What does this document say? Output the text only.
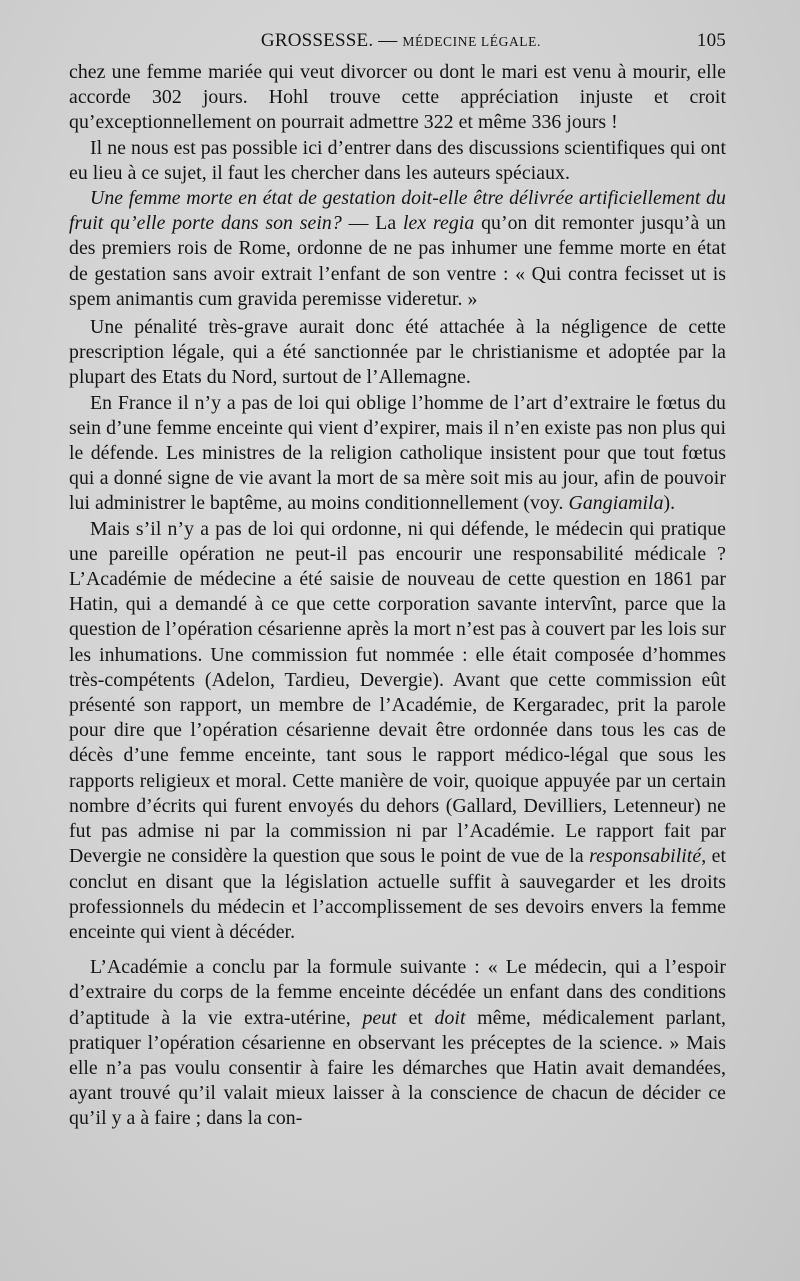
GROSSESSE. — MÉDECINE LÉGALE.	105

chez une femme mariée qui veut divorcer ou dont le mari est venu à mourir, elle accorde 302 jours. Hohl trouve cette appréciation injuste et croit qu’exceptionnellement on pourrait admettre 322 et même 336 jours !

Il ne nous est pas possible ici d’entrer dans des discussions scientifiques qui ont eu lieu à ce sujet, il faut les chercher dans les auteurs spéciaux.

Une femme morte en état de gestation doit-elle être délivrée artificiellement du fruit qu’elle porte dans son sein? — La lex regia qu’on dit remonter jusqu’à un des premiers rois de Rome, ordonne de ne pas inhumer une femme morte en état de gestation sans avoir extrait l’enfant de son ventre : « Qui contra fecisset ut is spem animantis cum gravida peremisse videretur. »

Une pénalité très-grave aurait donc été attachée à la négligence de cette prescription légale, qui a été sanctionnée par le christianisme et adoptée par la plupart des Etats du Nord, surtout de l’Allemagne.

En France il n’y a pas de loi qui oblige l’homme de l’art d’extraire le fœtus du sein d’une femme enceinte qui vient d’expirer, mais il n’en existe pas non plus qui le défende. Les ministres de la religion catholique insistent pour que tout fœtus qui a donné signe de vie avant la mort de sa mère soit mis au jour, afin de pouvoir lui administrer le baptême, au moins conditionnellement (voy. Gangiamila).

Mais s’il n’y a pas de loi qui ordonne, ni qui défende, le médecin qui pratique une pareille opération ne peut-il pas encourir une responsabilité médicale ? L’Académie de médecine a été saisie de nouveau de cette question en 1861 par Hatin, qui a demandé à ce que cette corporation savante intervînt, parce que la question de l’opération césarienne après la mort n’est pas à couvert par les lois sur les inhumations. Une commission fut nommée : elle était composée d’hommes très-compétents (Adelon, Tardieu, Devergie). Avant que cette commission eût présenté son rapport, un membre de l’Académie, de Kergaradec, prit la parole pour dire que l’opération césarienne devait être ordonnée dans tous les cas de décès d’une femme enceinte, tant sous le rapport médico-légal que sous les rapports religieux et moral. Cette manière de voir, quoique appuyée par un certain nombre d’écrits qui furent envoyés du dehors (Gallard, Devilliers, Letenneur) ne fut pas admise ni par la commission ni par l’Académie. Le rapport fait par Devergie ne considère la question que sous le point de vue de la responsabilité, et conclut en disant que la législation actuelle suffit à sauvegarder et les droits professionnels du médecin et l’accomplissement de ses devoirs envers la femme enceinte qui vient à décéder.

L’Académie a conclu par la formule suivante : « Le médecin, qui a l’espoir d’extraire du corps de la femme enceinte décédée un enfant dans des conditions d’aptitude à la vie extra-utérine, peut et doit même, médicalement parlant, pratiquer l’opération césarienne en observant les préceptes de la science. » Mais elle n’a pas voulu consentir à faire les démarches que Hatin avait demandées, ayant trouvé qu’il valait mieux laisser à la conscience de chacun de décider ce qu’il y a à faire ; dans la con-
